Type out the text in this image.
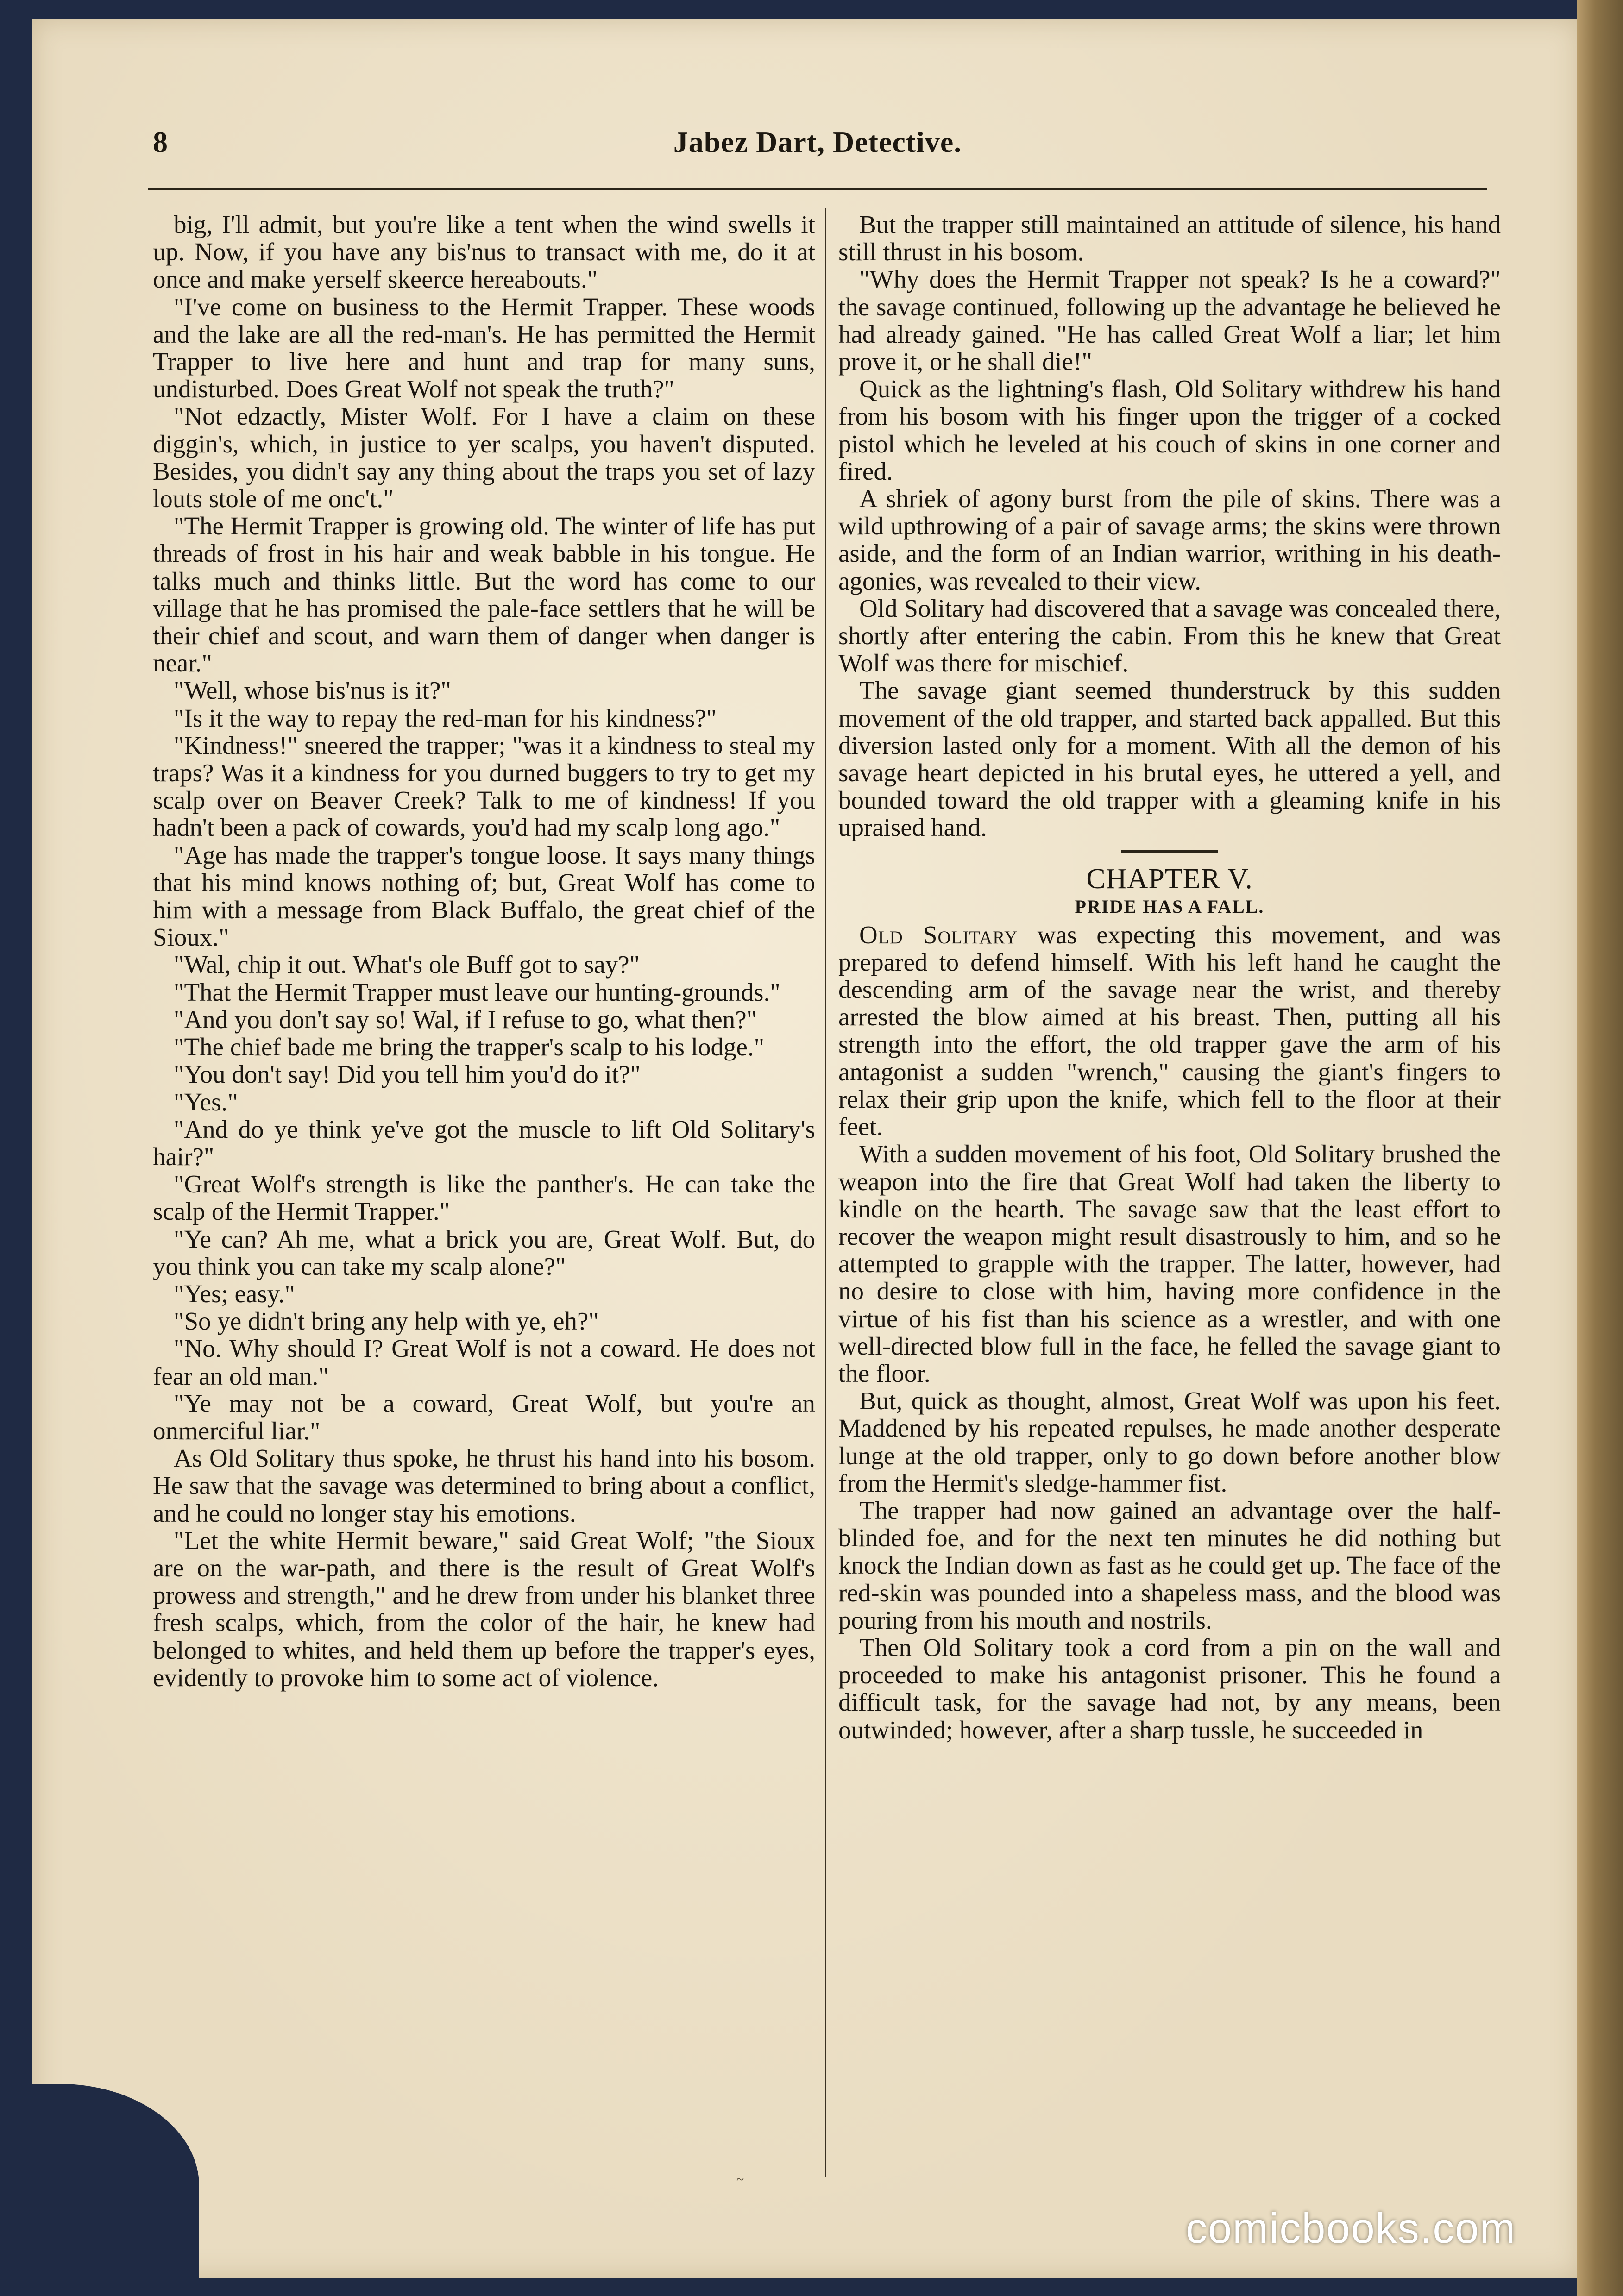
8	Jabez Dart, Detective.

big, I'll admit, but you're like a tent when the wind swells it up. Now, if you have any bis'nus to transact with me, do it at once and make yerself skeerce hereabouts."

"I've come on business to the Hermit Trapper. These woods and the lake are all the red-man's. He has permitted the Hermit Trapper to live here and hunt and trap for many suns, undisturbed. Does Great Wolf not speak the truth?"

"Not edzactly, Mister Wolf. For I have a claim on these diggin's, which, in justice to yer scalps, you haven't disputed. Besides, you didn't say any thing about the traps you set of lazy louts stole of me onc't."

"The Hermit Trapper is growing old. The winter of life has put threads of frost in his hair and weak babble in his tongue. He talks much and thinks little. But the word has come to our village that he has promised the pale-face settlers that he will be their chief and scout, and warn them of danger when danger is near."

"Well, whose bis'nus is it?"

"Is it the way to repay the red-man for his kindness?"

"Kindness!" sneered the trapper; "was it a kindness to steal my traps? Was it a kindness for you durned buggers to try to get my scalp over on Beaver Creek? Talk to me of kindness! If you hadn't been a pack of cowards, you'd had my scalp long ago."

"Age has made the trapper's tongue loose. It says many things that his mind knows nothing of; but, Great Wolf has come to him with a message from Black Buffalo, the great chief of the Sioux."

"Wal, chip it out. What's ole Buff got to say?"

"That the Hermit Trapper must leave our hunting-grounds."

"And you don't say so! Wal, if I refuse to go, what then?"

"The chief bade me bring the trapper's scalp to his lodge."

"You don't say! Did you tell him you'd do it?"

"Yes."

"And do ye think ye've got the muscle to lift Old Solitary's hair?"

"Great Wolf's strength is like the panther's. He can take the scalp of the Hermit Trapper."

"Ye can? Ah me, what a brick you are, Great Wolf. But, do you think you can take my scalp alone?"

"Yes; easy."

"So ye didn't bring any help with ye, eh?"

"No. Why should I? Great Wolf is not a coward. He does not fear an old man."

"Ye may not be a coward, Great Wolf, but you're an onmerciful liar."

As Old Solitary thus spoke, he thrust his hand into his bosom. He saw that the savage was determined to bring about a conflict, and he could no longer stay his emotions.

"Let the white Hermit beware," said Great Wolf; "the Sioux are on the war-path, and there is the result of Great Wolf's prowess and strength," and he drew from under his blanket three fresh scalps, which, from the color of the hair, he knew had belonged to whites, and held them up before the trapper's eyes, evidently to provoke him to some act of violence.

But the trapper still maintained an attitude of silence, his hand still thrust in his bosom.

"Why does the Hermit Trapper not speak? Is he a coward?" the savage continued, following up the advantage he believed he had already gained. "He has called Great Wolf a liar; let him prove it, or he shall die!"

Quick as the lightning's flash, Old Solitary withdrew his hand from his bosom with his finger upon the trigger of a cocked pistol which he leveled at his couch of skins in one corner and fired.

A shriek of agony burst from the pile of skins. There was a wild upthrowing of a pair of savage arms; the skins were thrown aside, and the form of an Indian warrior, writhing in his death-agonies, was revealed to their view.

Old Solitary had discovered that a savage was concealed there, shortly after entering the cabin. From this he knew that Great Wolf was there for mischief.

The savage giant seemed thunderstruck by this sudden movement of the old trapper, and started back appalled. But this diversion lasted only for a moment. With all the demon of his savage heart depicted in his brutal eyes, he uttered a yell, and bounded toward the old trapper with a gleaming knife in his upraised hand.

CHAPTER V.
PRIDE HAS A FALL.

Old Solitary was expecting this movement, and was prepared to defend himself. With his left hand he caught the descending arm of the savage near the wrist, and thereby arrested the blow aimed at his breast. Then, putting all his strength into the effort, the old trapper gave the arm of his antagonist a sudden "wrench," causing the giant's fingers to relax their grip upon the knife, which fell to the floor at their feet.

With a sudden movement of his foot, Old Solitary brushed the weapon into the fire that Great Wolf had taken the liberty to kindle on the hearth. The savage saw that the least effort to recover the weapon might result disastrously to him, and so he attempted to grapple with the trapper. The latter, however, had no desire to close with him, having more confidence in the virtue of his fist than his science as a wrestler, and with one well-directed blow full in the face, he felled the savage giant to the floor.

But, quick as thought, almost, Great Wolf was upon his feet. Maddened by his repeated repulses, he made another desperate lunge at the old trapper, only to go down before another blow from the Hermit's sledge-hammer fist.

The trapper had now gained an advantage over the half-blinded foe, and for the next ten minutes he did nothing but knock the Indian down as fast as he could get up. The face of the red-skin was pounded into a shapeless mass, and the blood was pouring from his mouth and nostrils.

Then Old Solitary took a cord from a pin on the wall and proceeded to make his antagonist prisoner. This he found a difficult task, for the savage had not, by any means, been outwinded; however, after a sharp tussle, he succeeded in

~
comicbooks.com
